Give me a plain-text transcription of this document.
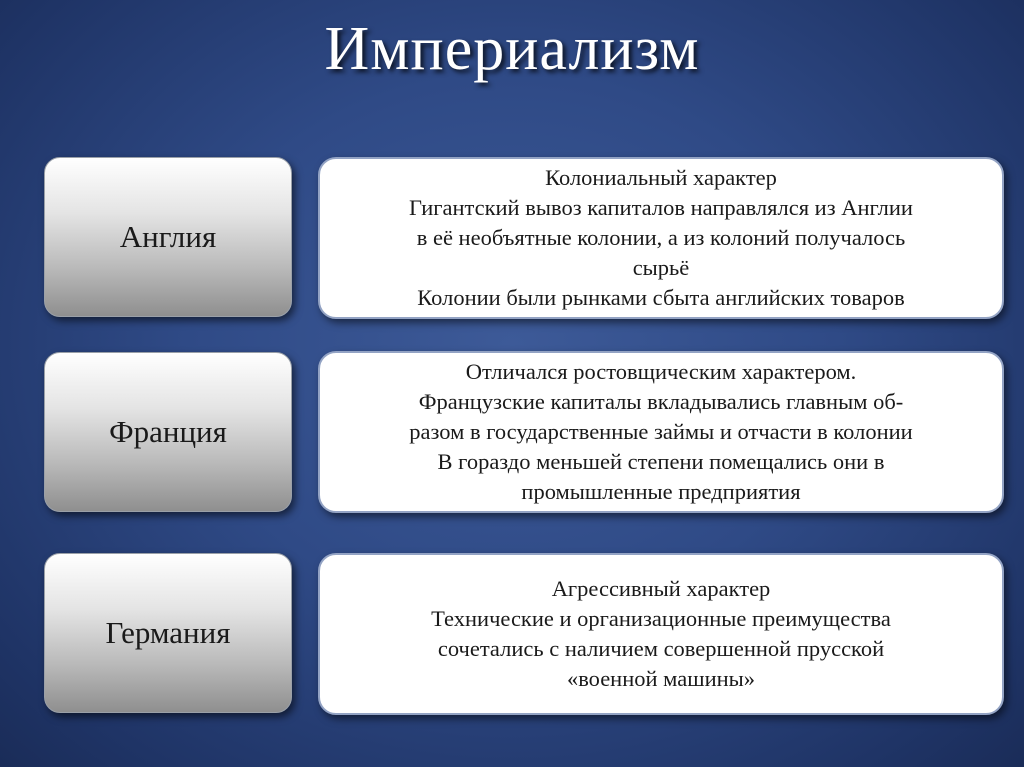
Империализм
Англия
Колониальный характер
Гигантский вывоз капиталов направлялся из Англии
в её необъятные колонии, а из колоний получалось
сырьё
Колонии были рынками сбыта английских товаров
Франция
Отличался ростовщическим характером.
Французские капиталы вкладывались главным об-
разом в государственные займы и отчасти в колонии
В гораздо меньшей степени помещались они в
промышленные предприятия
Германия
Агрессивный характер
Технические и организационные преимущества
сочетались с наличием совершенной прусской
«военной машины»
